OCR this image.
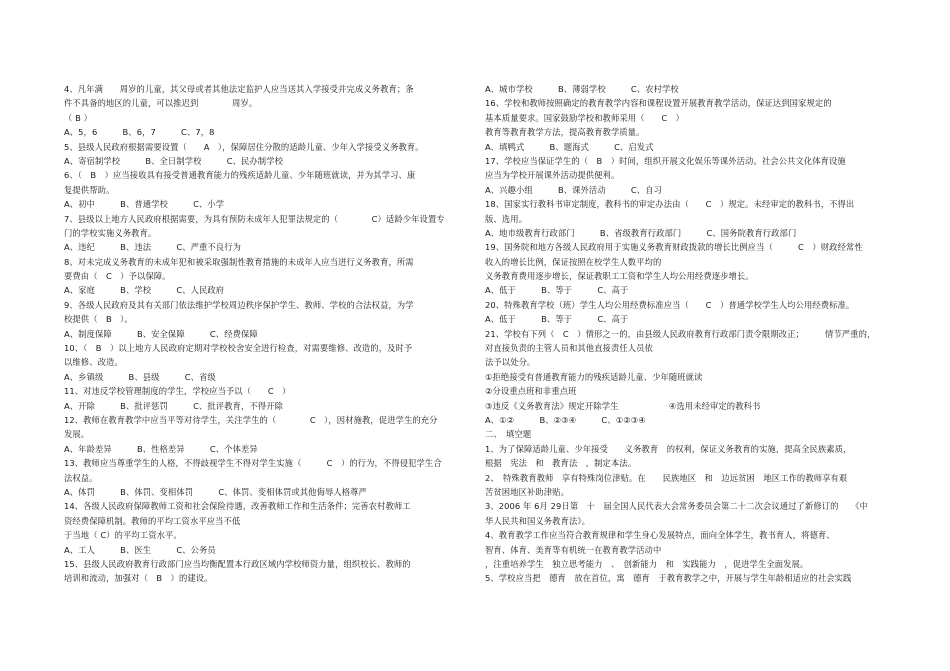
4、凡年满　　周岁的儿童，其父母或者其他法定监护人应当送其入学接受并完成义务教育；条
件不具备的地区的儿童，可以推迟到　　　　周岁。
（ B ）
A、5，6　　　B、6，7　　　C、7，8
5、县级人民政府根据需要设置（　　A　），保障居住分散的适龄儿童、少年入学接受义务教育。
A、寄宿制学校　　　B、全日制学校　　　C、民办制学校
6、（　B　）应当接收具有接受普通教育能力的残疾适龄儿童、少年随班就读，并为其学习、康
复提供帮助。
A、初中　　　B、普通学校　　　C、小学
7、县级以上地方人民政府根据需要，为具有预防未成年人犯罪法规定的（　　　　C）适龄少年设置专
门的学校实施义务教育。
A、违纪　　　B、违法　　　C、严重不良行为
8、对未完成义务教育的未成年犯和被采取强制性教育措施的未成年人应当进行义务教育，所需
要费由（　C　）予以保障。
A、家庭　　　B、学校　　　C、人民政府
9、各级人民政府及其有关部门依法维护学校周边秩序保护学生、教师、学校的合法权益，为学
校提供（　B　）。
A、制度保障　　　B、安全保障　　　C、经费保障
10、（　B　）以上地方人民政府定期对学校校舍安全进行检查，对需要维修、改造的，及时予
以维修、改造。
A、乡镇级　　　B、县级　　　C、省级
11、对违反学校管理制度的学生，学校应当予以（　　C　）
A、开除　　　B、批评惩罚　　　C、批评教育，不得开除
12、教师在教育教学中应当平等对待学生，关注学生的（　　　　C　），因材施教，促进学生的充分
发展。
A、年龄差异　　　B、性格差异　　　C、个体差异
13、教师应当尊重学生的人格，不得歧视学生不得对学生实施（　　　C　）的行为，不得侵犯学生合
法权益。
A、体罚　　　B、体罚、变相体罚　　　C、体罚、变相体罚或其他侮辱人格尊严
14、各级人民政府保障教师工资和社会保险待遇，改善教师工作和生活条件；完善农村教师工
资经费保障机制。教师的平均工资水平应当不低
于当地（ C）的平均工资水平。
A、工人　　　B、医生　　　C、公务员
15、县级人民政府教育行政部门应当均衡配置本行政区域内学校师资力量，组织校长、教师的
培训和流动，加强对（　B　）的建设。
A、城市学校　　　B、薄弱学校　　　C、农村学校
16、学校和教师按照确定的教育教学内容和课程设置开展教育教学活动，保证达到国家规定的
基本质量要求。国家鼓励学校和教师采用（　　C　）
教育等教育教学方法，提高教育教学质量。
A、填鸭式　　　B、题海式　　　C、启发式
17、学校应当保证学生的（　B　）时间，组织开展文化娱乐等课外活动。社会公共文化体育设施
应当为学校开展课外活动提供便利。
A、兴趣小组　　　B、课外活动　　　C、自习
18、国家实行教科书审定制度，教科书的审定办法由（　　C　）规定。未经审定的教科书，不得出
版、选用。
A、地市级教育行政部门　　　B、省级教育行政部门　　　C、国务院教育行政部门
19、国务院和地方各级人民政府用于实施义务教育财政拨款的增长比例应当（　　　C　）财政经常性
收入的增长比例，保证按照在校学生人数平均的
义务教育费用逐步增长，保证教职工工资和学生人均公用经费逐步增长。
A、低于　　　B、等于　　　C、高于
20、特殊教育学校（班）学生人均公用经费标准应当（　　C　）普通学校学生人均公用经费标准。
A、低于　　　B、等于　　　C、高于
21、学校有下列（　C　）情形之一的，由县级人民政府教育行政部门责令限期改正；　　　情节严重的，
对直接负责的主管人员和其他直接责任人员依
法予以处分。
①拒绝接受有普通教育能力的残疾适龄儿童、少年随班就读
②分设重点班和非重点班
③违反《义务教育法》规定开除学生　　　　　　④选用未经审定的教科书
A、①②　　　B、②③④　　　C、①②③④
二、　填空题
1、为了保障适龄儿童、少年接受　　义务教育　的权利，保证义务教育的实施，提高全民族素质，
根据　宪法　和　教育法　，制定本法。
2、　特殊教育教师　享有特殊岗位津贴。在　　民族地区　和　边远贫困　地区工作的教师享有艰
苦贫困地区补助津贴。
3、2006 年 6月 29日第　十　届全国人民代表大会常务委员会第二十二次会议通过了新修订的　　《中
华人民共和国义务教育法》。
4、教育教学工作应当符合教育规律和学生身心发展特点，面向全体学生，教书育人，将德育、
智育、体育、美育等有机统一在教育教学活动中
，注重培养学生　独立思考能力　、　创新能力　和　实践能力　，促进学生全面发展。
5、学校应当把　德育　放在首位，寓　德育　于教育教学之中，开展与学生年龄相适应的社会实践
